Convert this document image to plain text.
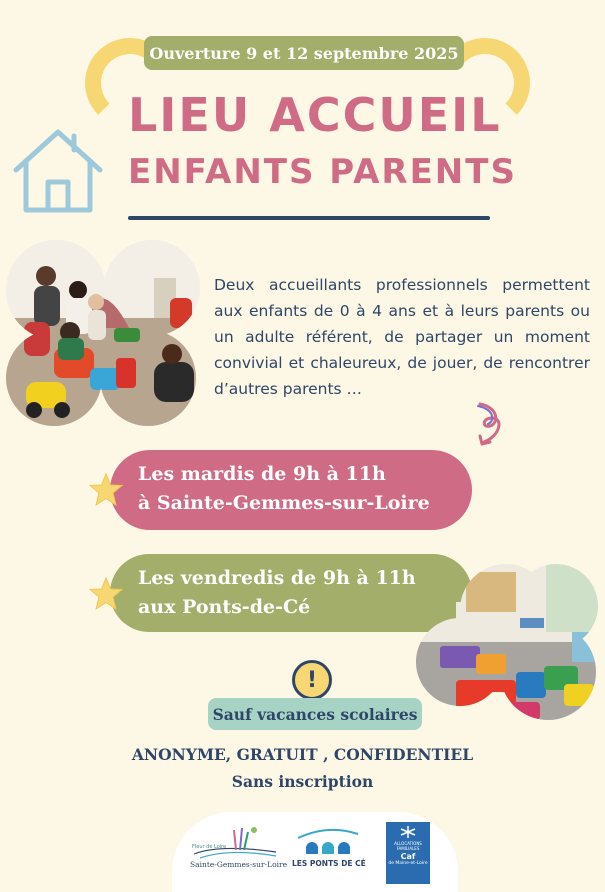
Ouverture 9 et 12 septembre 2025
LIEU ACCUEIL
ENFANTS PARENTS
Deux accueillants professionnels permettent aux enfants de 0 à 4 ans et à leurs parents ou un adulte référent, de partager un moment convivial et chaleureux, de jouer, de rencontrer d’autres parents …
Les mardis de 9h à 11h
à Sainte-Gemmes-sur-Loire
Les vendredis de 9h à 11h
aux Ponts-de-Cé
!
Sauf vacances scolaires
ANONYME, GRATUIT , CONFIDENTIEL
Sans inscription
Fleur de Loire
Sainte-Gemmes-sur-Loire LES PONTS DE CÉ
ALLOCATIONS FAMILIALES
Caf
de Maine-et-Loire
